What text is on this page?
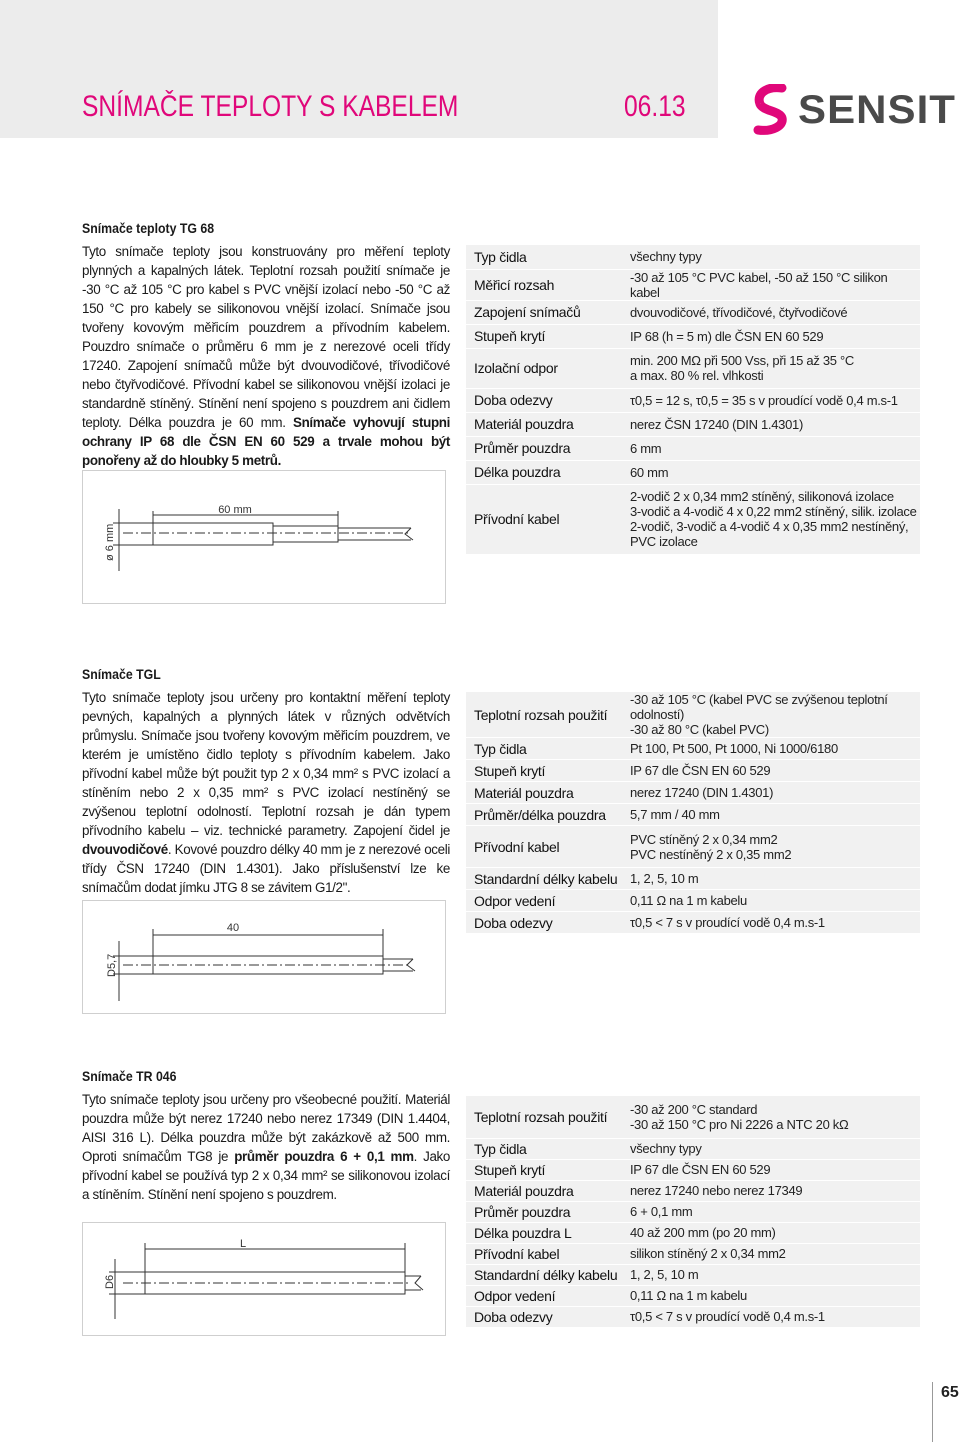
SNÍMAČE TEPLOTY S KABELEM	06.13	SENSIT
Snímače teploty TG 68
Tyto snímače teploty jsou konstruovány pro měření teploty plynných a kapalných látek. Teplotní rozsah použití snímače je -30 °C až 105 °C pro kabel s PVC vnější izolací nebo -50 °C až 150 °C pro kabely se silikonovou vnější izolací. Snímače jsou tvořeny kovovým měřicím pouzdrem a přívodním kabelem. Pouzdro snímače o průměru 6 mm je z nerezové oceli třídy 17240. Zapojení snímačů může být dvouvodičové, třívodičové nebo čtyřvodičové. Přívodní kabel se silikonovou vnější izolaci je standardně stíněný. Stínění není spojeno s pouzdrem ani čidlem teploty. Délka pouzdra je 60 mm. Snímače vyhovují stupni ochrany IP 68 dle ČSN EN 60 529 a trvale mohou být ponořeny až do hloubky 5 metrů.
60 mm
ø 6 mm
Typ čidla	všechny typy
Měřicí rozsah	-30 až 105 °C PVC kabel, -50 až 150 °C silikon kabel
Zapojení snímačů	dvouvodičové, třívodičové, čtyřvodičové
Stupeň krytí	IP 68 (h = 5 m) dle ČSN EN 60 529
Izolační odpor	min. 200 MΩ při 500 Vss, při 15 až 35 °C
a max. 80 % rel. vlhkosti
Doba odezvy	τ0,5 = 12 s, τ0,5 = 35 s v proudící vodě 0,4 m.s-1
Materiál pouzdra	nerez ČSN 17240 (DIN 1.4301)
Průměr pouzdra	6 mm
Délka pouzdra	60 mm
Přívodní kabel	2-vodič 2 x 0,34 mm2 stíněný, silikonová izolace
3-vodič a 4-vodič 4 x 0,22 mm2 stíněný, silik. izolace
2-vodič, 3-vodič a 4-vodič 4 x 0,35 mm2 nestíněný,
PVC izolace
Snímače TGL
Tyto snímače teploty jsou určeny pro kontaktní měření teploty pevných, kapalných a plynných látek v různých odvětvích průmyslu. Snímače jsou tvořeny kovovým měřicím pouzdrem, ve kterém je umístěno čidlo teploty s přívodním kabelem. Jako přívodní kabel může být použit typ 2 x 0,34 mm² s PVC izolací a stíněním nebo 2 x 0,35 mm² s PVC izolací nestíněný se zvýšenou teplotní odolností. Teplotní rozsah je dán typem přívodního kabelu – viz. technické parametry. Zapojení čidel je dvouvodičové. Kovové pouzdro délky 40 mm je z nerezové oceli třídy ČSN 17240 (DIN 1.4301). Jako příslušenství lze ke snímačům dodat jímku JTG 8 se závitem G1/2".
40
D5,7
Teplotní rozsah použití	-30 až 105 °C (kabel PVC se zvýšenou teplotní odolností)
-30 až 80 °C (kabel PVC)
Typ čidla	Pt 100, Pt 500, Pt 1000, Ni 1000/6180
Stupeň krytí	IP 67 dle ČSN EN 60 529
Materiál pouzdra	nerez 17240 (DIN 1.4301)
Průměr/délka pouzdra	5,7 mm / 40 mm
Přívodní kabel	PVC stíněný 2 x 0,34 mm2
PVC nestíněný 2 x 0,35 mm2
Standardní délky kabelu	1, 2, 5, 10 m
Odpor vedení	0,11 Ω na 1 m kabelu
Doba odezvy	τ0,5 < 7 s v proudící vodě 0,4 m.s-1
Snímače TR 046
Tyto snímače teploty jsou určeny pro všeobecné použití. Materiál pouzdra může být nerez 17240 nebo nerez 17349 (DIN 1.4404, AISI 316 L). Délka pouzdra může být zakázkově až 500 mm. Oproti snímačům TG8 je průměr pouzdra 6 + 0,1 mm. Jako přívodní kabel se používá typ 2 x 0,34 mm² se silikonovou izolací a stíněním. Stínění není spojeno s pouzdrem.
L
D6
Teplotní rozsah použití	-30 až 200 °C standard
-30 až 150 °C pro Ni 2226 a NTC 20 kΩ
Typ čidla	všechny typy
Stupeň krytí	IP 67 dle ČSN EN 60 529
Materiál pouzdra	nerez 17240 nebo nerez 17349
Průměr pouzdra	6 + 0,1 mm
Délka pouzdra L	40 až 200 mm (po 20 mm)
Přívodní kabel	silikon stíněný 2 x 0,34 mm2
Standardní délky kabelu	1, 2, 5, 10 m
Odpor vedení	0,11 Ω na 1 m kabelu
Doba odezvy	τ0,5 < 7 s v proudící vodě 0,4 m.s-1
65
